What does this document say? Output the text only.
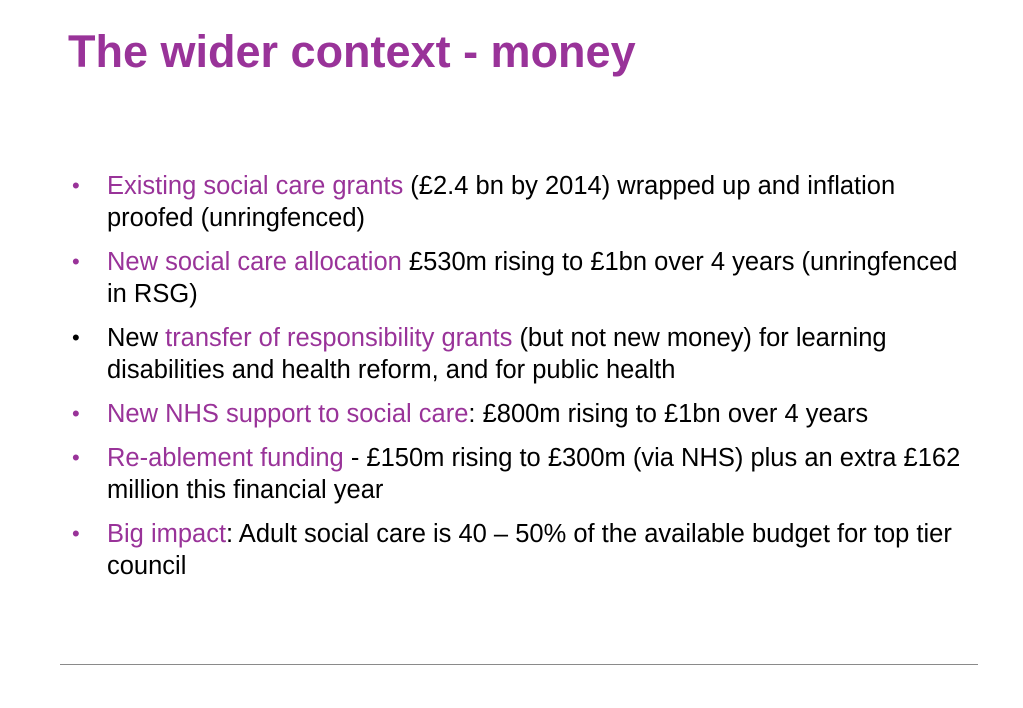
The wider context - money
• Existing social care grants (£2.4 bn by 2014) wrapped up and inflation proofed (unringfenced)
• New social care allocation £530m rising to £1bn over 4 years (unringfenced in RSG)
• New transfer of responsibility grants (but not new money) for learning disabilities and health reform, and for public health
• New NHS support to social care: £800m rising to £1bn over 4 years
• Re-ablement funding - £150m rising to £300m (via NHS) plus an extra £162 million this financial year
• Big impact: Adult social care is 40 – 50% of the available budget for top tier council
